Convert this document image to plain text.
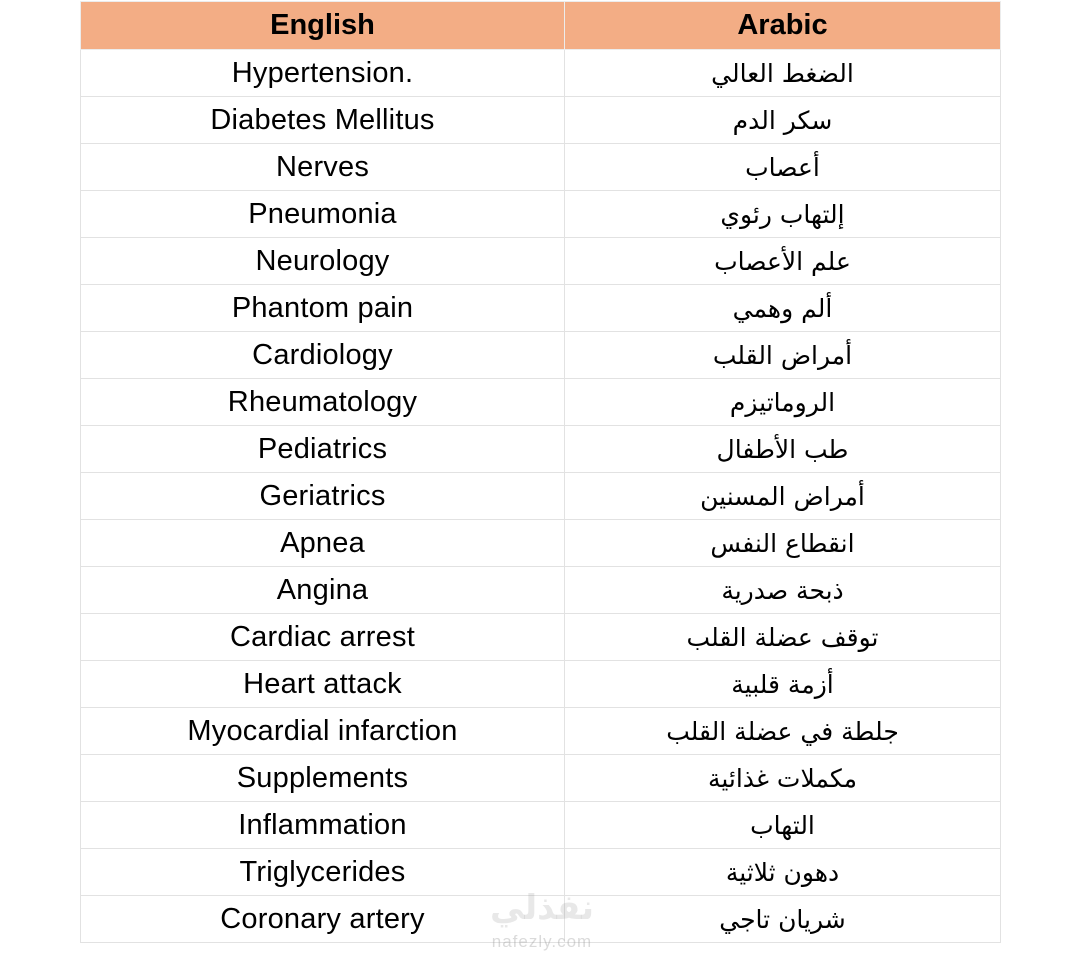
English	Arabic
Hypertension.	الضغط العالي
Diabetes Mellitus	سكر الدم
Nerves	أعصاب
Pneumonia	إلتهاب رئوي
Neurology	علم الأعصاب
Phantom pain	ألم وهمي
Cardiology	أمراض القلب
Rheumatology	الروماتيزم
Pediatrics	طب الأطفال
Geriatrics	أمراض المسنين
Apnea	انقطاع النفس
Angina	ذبحة صدرية
Cardiac arrest	توقف عضلة القلب
Heart attack	أزمة قلبية
Myocardial infarction	جلطة في عضلة القلب
Supplements	مكملات غذائية
Inflammation	التهاب
Triglycerides	دهون ثلاثية
Coronary artery	شريان تاجي
نفذلي
nafezly.com
